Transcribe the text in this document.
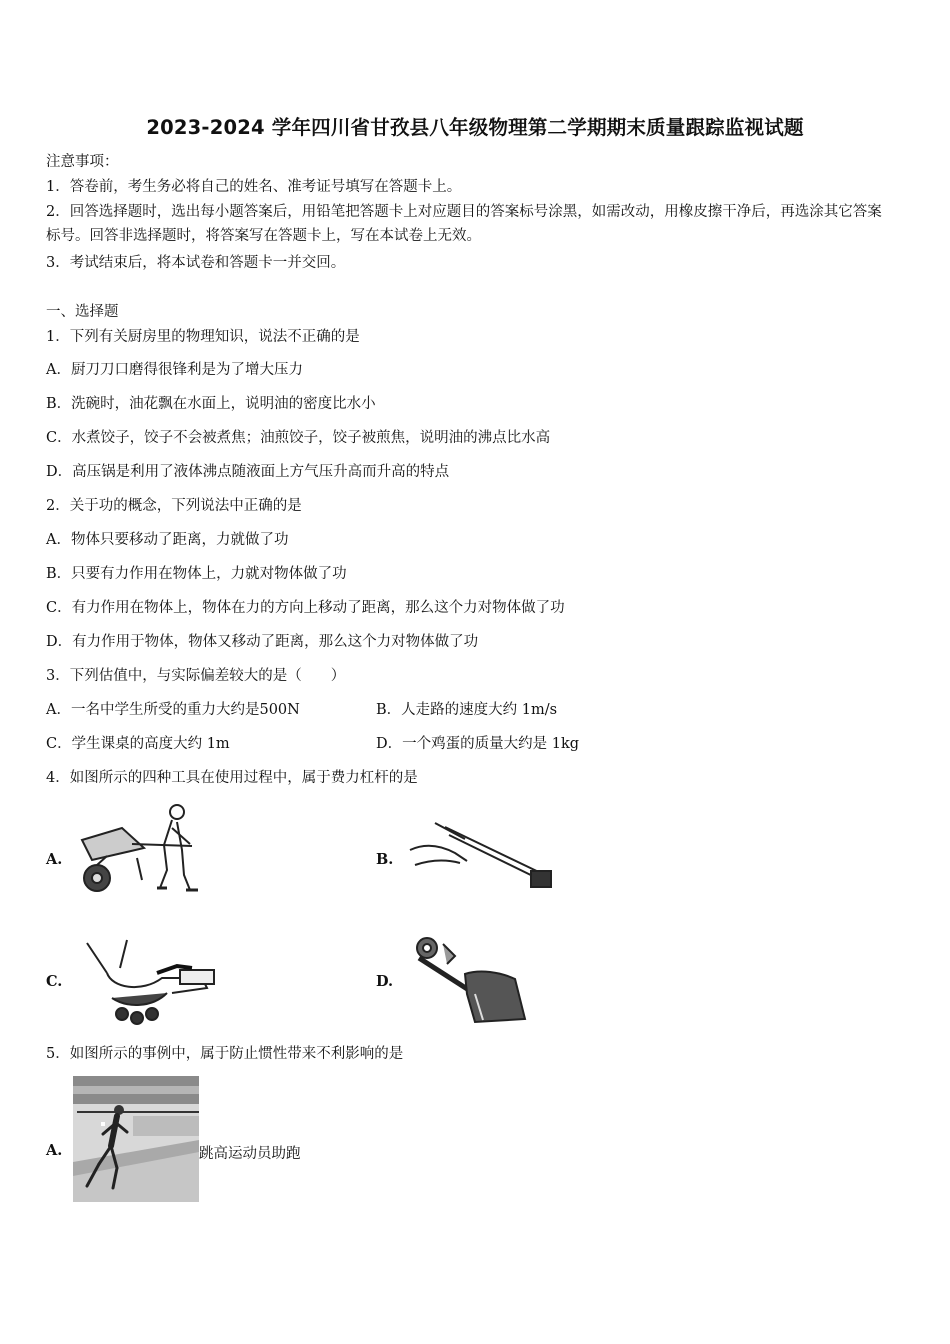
2023-2024 学年四川省甘孜县八年级物理第二学期期末质量跟踪监视试题
注意事项：
1．答卷前，考生务必将自己的姓名、准考证号填写在答题卡上。
2．回答选择题时，选出每小题答案后，用铅笔把答题卡上对应题目的答案标号涂黑，如需改动，用橡皮擦干净后，再选涂其它答案标号。回答非选择题时，将答案写在答题卡上，写在本试卷上无效。
3．考试结束后，将本试卷和答题卡一并交回。
一、选择题
1．下列有关厨房里的物理知识，说法不正确的是
A．厨刀刀口磨得很锋利是为了增大压力
B．洗碗时，油花飘在水面上，说明油的密度比水小
C．水煮饺子，饺子不会被煮焦；油煎饺子，饺子被煎焦，说明油的沸点比水高
D．高压锅是利用了液体沸点随液面上方气压升高而升高的特点
2．关于功的概念，下列说法中正确的是
A．物体只要移动了距离，力就做了功
B．只要有力作用在物体上，力就对物体做了功
C．有力作用在物体上，物体在力的方向上移动了距离，那么这个力对物体做了功
D．有力作用于物体，物体又移动了距离，那么这个力对物体做了功
3．下列估值中，与实际偏差较大的是（　　）
A．一名中学生所受的重力大约是500N	B．人走路的速度大约 1m/s
C．学生课桌的高度大约 1m	D．一个鸡蛋的质量大约是 1kg
4．如图所示的四种工具在使用过程中，属于费力杠杆的是
A.	B.
C.	D.
5．如图所示的事例中，属于防止惯性带来不利影响的是
A.	跳高运动员助跑
